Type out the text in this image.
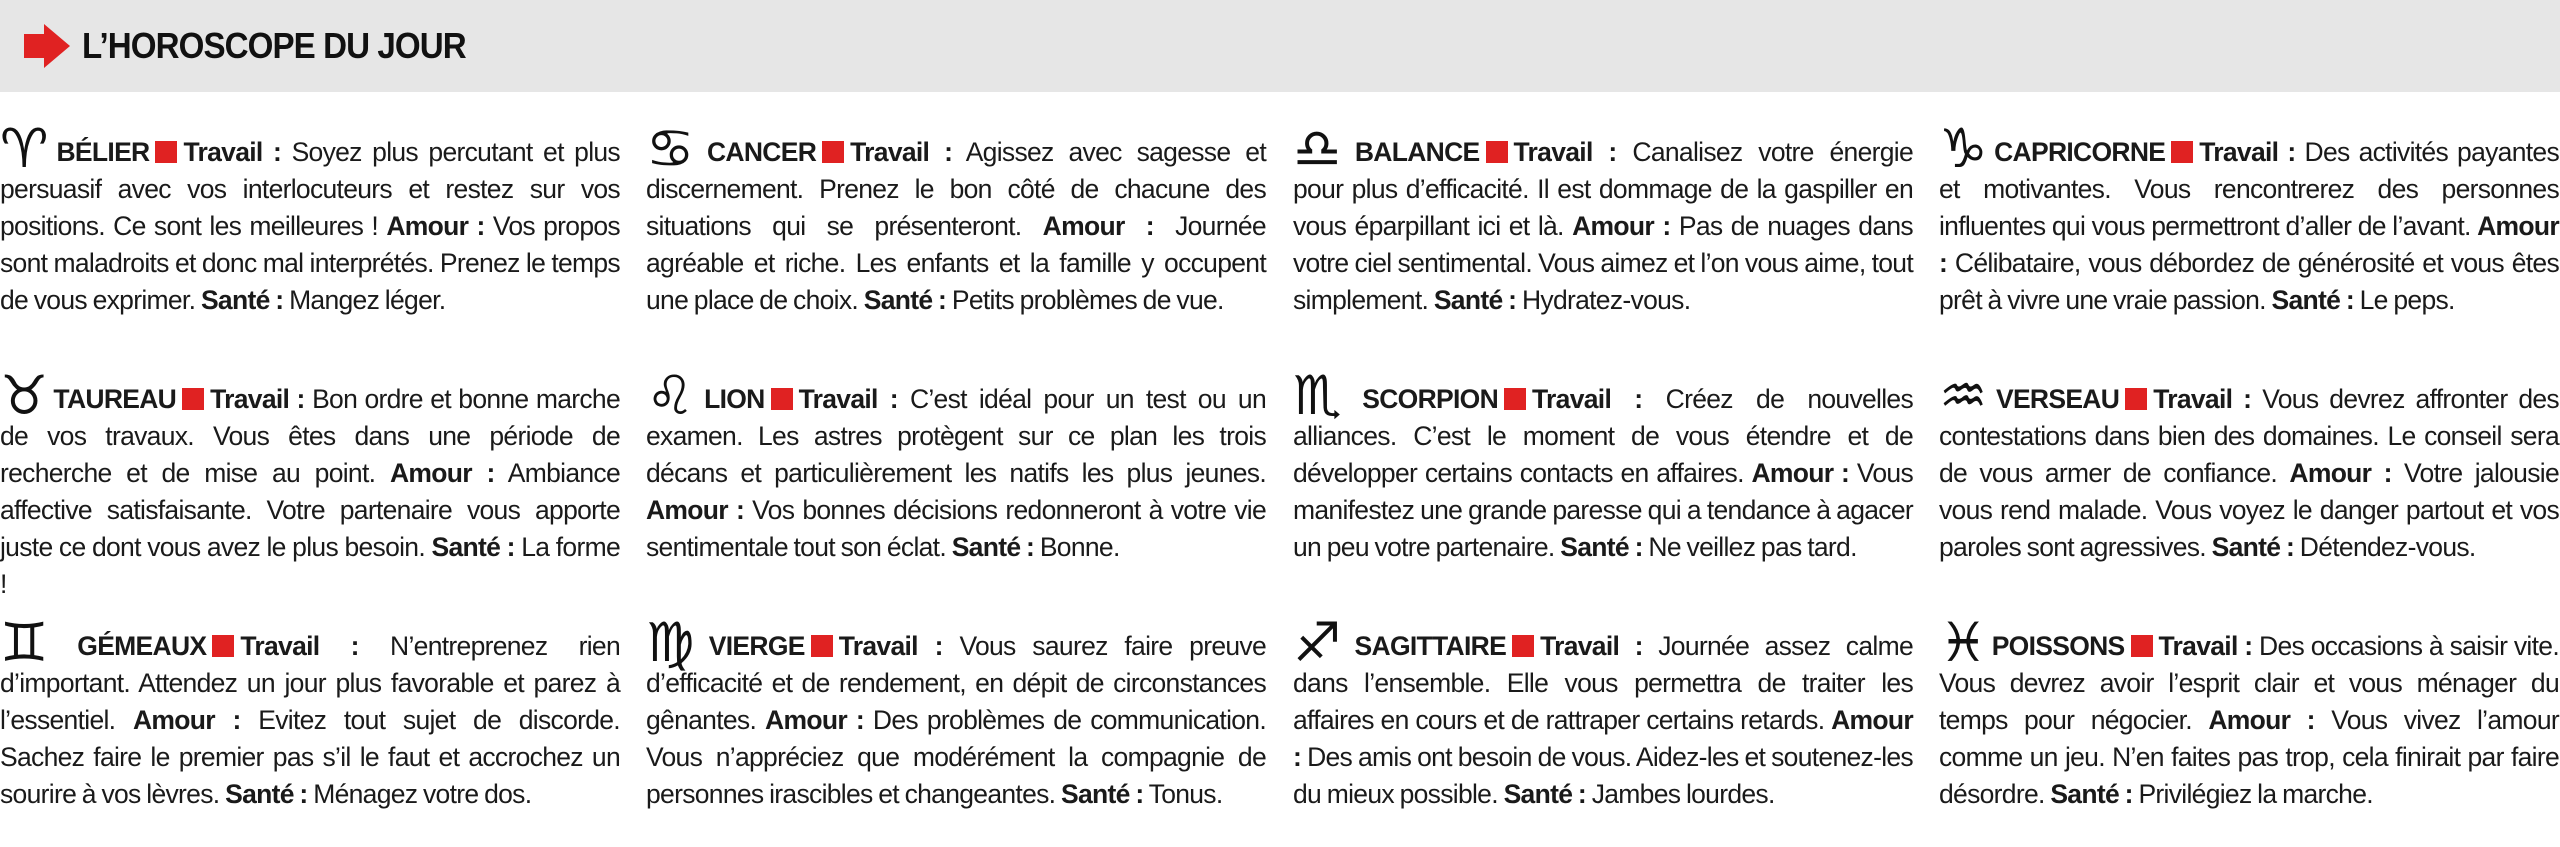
L’HOROSCOPE DU JOUR
♈ BÉLIER Travail : Soyez plus percutant et plus persuasif avec vos interlocuteurs et restez sur vos positions. Ce sont les meilleures ! Amour : Vos propos sont maladroits et donc mal interprétés. Prenez le temps de vous exprimer. Santé : Mangez léger.
♉ TAUREAU Travail : Bon ordre et bonne marche de vos travaux. Vous êtes dans une période de recherche et de mise au point. Amour : Ambiance affective satisfaisante. Votre partenaire vous apporte juste ce dont vous avez le plus besoin. Santé : La forme !
♊ GÉMEAUX Travail : N’entreprenez rien d’important. Attendez un jour plus favorable et parez à l’essentiel. Amour : Evitez tout sujet de discorde. Sachez faire le premier pas s’il le faut et accrochez un sourire à vos lèvres. Santé : Ménagez votre dos.
♋ CANCER Travail : Agissez avec sagesse et discernement. Prenez le bon côté de chacune des situations qui se présenteront. Amour : Journée agréable et riche. Les enfants et la famille y occupent une place de choix. Santé : Petits problèmes de vue.
♌ LION Travail : C’est idéal pour un test ou un examen. Les astres protègent sur ce plan les trois décans et particulièrement les natifs les plus jeunes. Amour : Vos bonnes décisions redonneront à votre vie sentimentale tout son éclat. Santé : Bonne.
♍ VIERGE Travail : Vous saurez faire preuve d’efficacité et de rendement, en dépit de circonstances gênantes. Amour : Des problèmes de communication. Vous n’appréciez que modérément la compagnie de personnes irascibles et changeantes. Santé : Tonus.
♎ BALANCE Travail : Canalisez votre énergie pour plus d’efficacité. Il est dommage de la gaspiller en vous éparpillant ici et là. Amour : Pas de nuages dans votre ciel sentimental. Vous aimez et l’on vous aime, tout simplement. Santé : Hydratez-vous.
♏ SCORPION Travail : Créez de nouvelles alliances. C’est le moment de vous étendre et de développer certains contacts en affaires. Amour : Vous manifestez une grande paresse qui a tendance à agacer un peu votre partenaire. Santé : Ne veillez pas tard.
♐ SAGITTAIRE Travail : Journée assez calme dans l’ensemble. Elle vous permettra de traiter les affaires en cours et de rattraper certains retards. Amour : Des amis ont besoin de vous. Aidez-les et soutenez-les du mieux possible. Santé : Jambes lourdes.
♑ CAPRICORNE Travail : Des activités payantes et motivantes. Vous rencontrerez des personnes influentes qui vous permettront d’aller de l’avant. Amour : Célibataire, vous débordez de générosité et vous êtes prêt à vivre une vraie passion. Santé : Le peps.
♒ VERSEAU Travail : Vous devrez affronter des contestations dans bien des domaines. Le conseil sera de vous armer de confiance. Amour : Votre jalousie vous rend malade. Vous voyez le danger partout et vos paroles sont agressives. Santé : Détendez-vous.
♓ POISSONS Travail : Des occasions à saisir vite. Vous devrez avoir l’esprit clair et vous ménager du temps pour négocier. Amour : Vous vivez l’amour comme un jeu. N’en faites pas trop, cela finirait par faire désordre. Santé : Privilégiez la marche.
